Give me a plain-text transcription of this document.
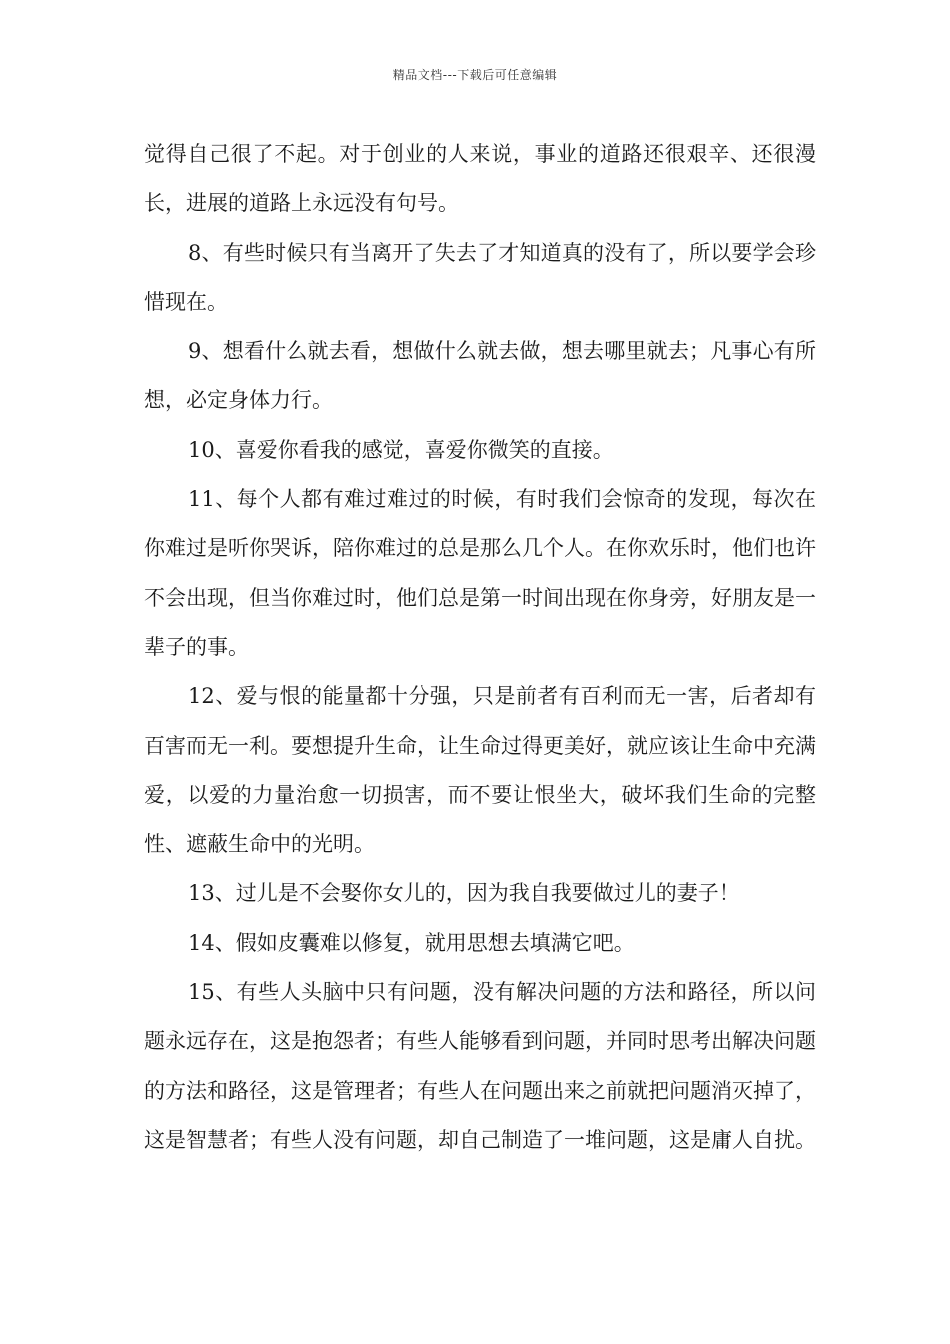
精品文档---下载后可任意编辑

觉得自己很了不起。对于创业的人来说，事业的道路还很艰辛、还很漫长，进展的道路上永远没有句号。

8、有些时候只有当离开了失去了才知道真的没有了，所以要学会珍惜现在。

9、想看什么就去看，想做什么就去做，想去哪里就去；凡事心有所想，必定身体力行。

10、喜爱你看我的感觉，喜爱你微笑的直接。

11、每个人都有难过难过的时候，有时我们会惊奇的发现，每次在你难过是听你哭诉，陪你难过的总是那么几个人。在你欢乐时，他们也许不会出现，但当你难过时，他们总是第一时间出现在你身旁，好朋友是一辈子的事。

12、爱与恨的能量都十分强，只是前者有百利而无一害，后者却有百害而无一利。要想提升生命，让生命过得更美好，就应该让生命中充满爱，以爱的力量治愈一切损害，而不要让恨坐大，破坏我们生命的完整性、遮蔽生命中的光明。

13、过儿是不会娶你女儿的，因为我自我要做过儿的妻子！

14、假如皮囊难以修复，就用思想去填满它吧。

15、有些人头脑中只有问题，没有解决问题的方法和路径，所以问题永远存在，这是抱怨者；有些人能够看到问题，并同时思考出解决问题的方法和路径，这是管理者；有些人在问题出来之前就把问题消灭掉了，这是智慧者；有些人没有问题，却自己制造了一堆问题，这是庸人自扰。
